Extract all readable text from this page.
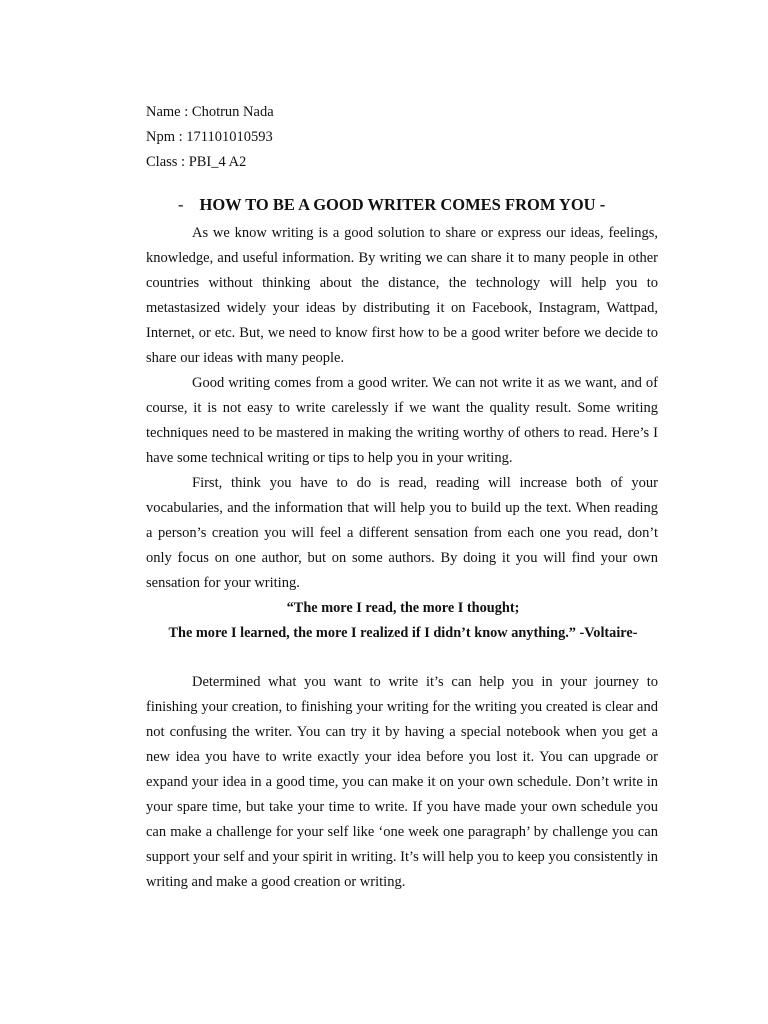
Name : Chotrun Nada
Npm : 171101010593
Class : PBI_4 A2
- HOW TO BE A GOOD WRITER COMES FROM YOU -

As we know writing is a good solution to share or express our ideas, feelings, knowledge, and useful information. By writing we can share it to many people in other countries without thinking about the distance, the technology will help you to metastasized widely your ideas by distributing it on Facebook, Instagram, Wattpad, Internet, or etc. But, we need to know first how to be a good writer before we decide to share our ideas with many people.

Good writing comes from a good writer. We can not write it as we want, and of course, it is not easy to write carelessly if we want the quality result. Some writing techniques need to be mastered in making the writing worthy of others to read. Here’s I have some technical writing or tips to help you in your writing.

First, think you have to do is read, reading will increase both of your vocabularies, and the information that will help you to build up the text. When reading a person’s creation you will feel a different sensation from each one you read, don’t only focus on one author, but on some authors. By doing it you will find your own sensation for your writing.

“The more I read, the more I thought;
The more I learned, the more I realized if I didn’t know anything.” -Voltaire-

Determined what you want to write it’s can help you in your journey to finishing your creation, to finishing your writing for the writing you created is clear and not confusing the writer. You can try it by having a special notebook when you get a new idea you have to write exactly your idea before you lost it. You can upgrade or expand your idea in a good time, you can make it on your own schedule. Don’t write in your spare time, but take your time to write. If you have made your own schedule you can make a challenge for your self like ‘one week one paragraph’ by challenge you can support your self and your spirit in writing. It’s will help you to keep you consistently in writing and make a good creation or writing.
